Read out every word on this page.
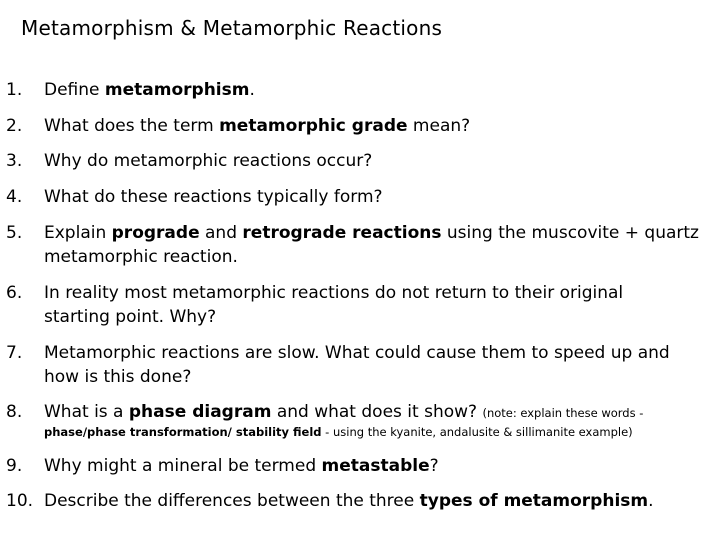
Metamorphism & Metamorphic Reactions
1. Define metamorphism.
2. What does the term metamorphic grade mean?
3. Why do metamorphic reactions occur?
4. What do these reactions typically form?
5. Explain prograde and retrograde reactions using the muscovite + quartz
metamorphic reaction.
6. In reality most metamorphic reactions do not return to their original
starting point. Why?
7. Metamorphic reactions are slow. What could cause them to speed up and
how is this done?
8. What is a phase diagram and what does it show? (note: explain these words -
phase/phase transformation/ stability field - using the kyanite, andalusite & sillimanite example)
9. Why might a mineral be termed metastable?
10. Describe the differences between the three types of metamorphism.
